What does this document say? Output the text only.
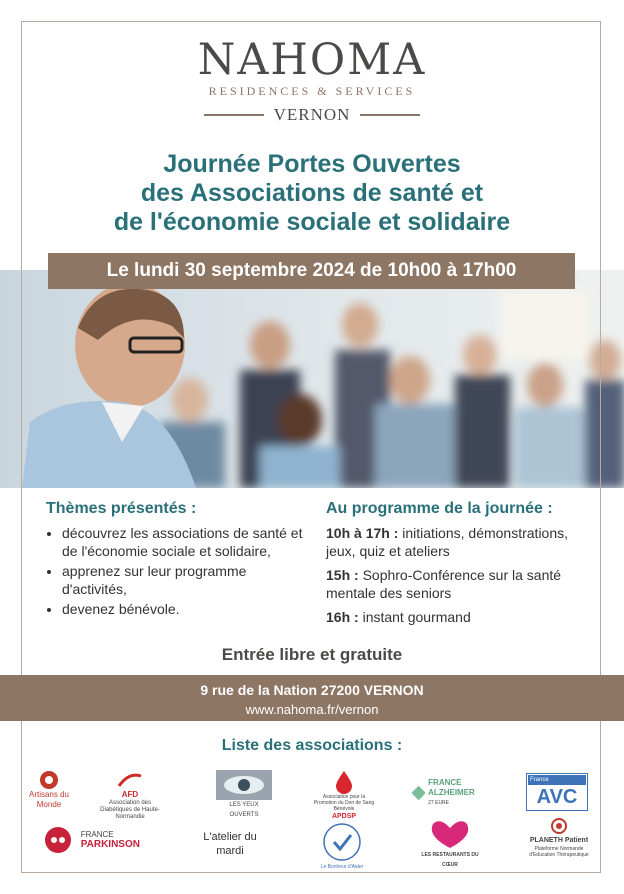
NAHOMA
RESIDENCES & SERVICES
VERNON
Journée Portes Ouvertes
des Associations de santé et
de l'économie sociale et solidaire
Le lundi 30 septembre 2024 de 10h00 à 17h00
Thèmes présentés :
• découvrez les associations de santé et de l'économie sociale et solidaire,
• apprenez sur leur programme d'activités,
• devenez bénévole.
Au programme de la journée :
10h à 17h : initiations, démonstrations, jeux, quiz et ateliers
15h : Sophro-Conférence sur la santé mentale des seniors
16h : instant gourmand
Entrée libre et gratuite
9 rue de la Nation 27200 VERNON
www.nahoma.fr/vernon
Liste des associations :
Artisans du Monde
AFD
Association des Diabétiques de Haute-Normandie
LES YEUX OUVERTS
Association pour la Promotion du Don de Sang Bénévole
APDSP
FRANCE ALZHEIMER
27 EURE
France
AVC
FRANCE
PARKINSON
L'atelier du mardi
Le Bonheur d'Aider
LES RESTAURANTS DU CŒUR
PLANETH Patient
Plateforme Normande d'Education Thérapeutique
